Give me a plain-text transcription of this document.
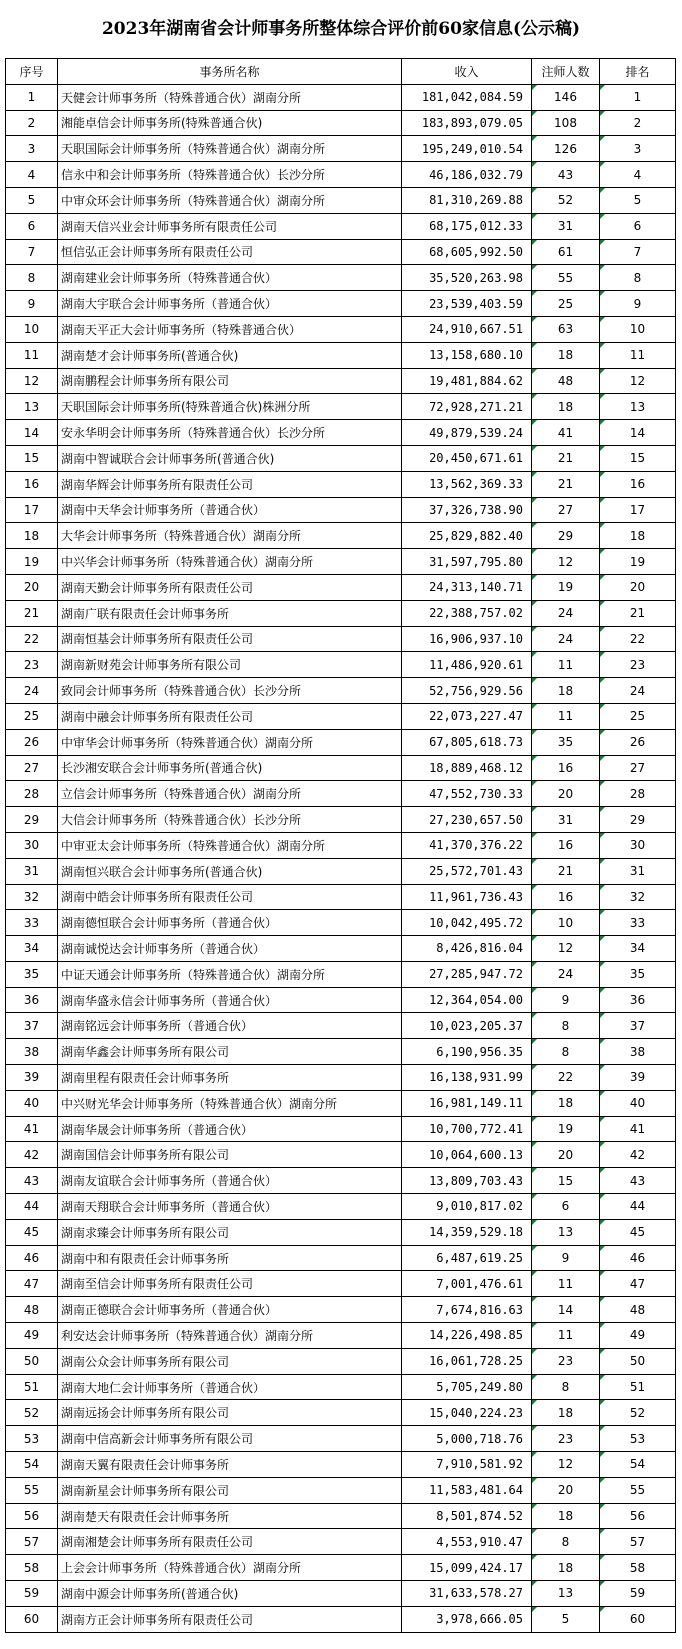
2023年湖南省会计师事务所整体综合评价前60家信息(公示稿)
序号	事务所名称	收入	注师人数	排名
1	天健会计师事务所（特殊普通合伙）湖南分所	181,042,084.59	146	1
2	湘能卓信会计师事务所(特殊普通合伙)	183,893,079.05	108	2
3	天职国际会计师事务所（特殊普通合伙）湖南分所	195,249,010.54	126	3
4	信永中和会计师事务所（特殊普通合伙）长沙分所	46,186,032.79	43	4
5	中审众环会计师事务所（特殊普通合伙）湖南分所	81,310,269.88	52	5
6	湖南天信兴业会计师事务所有限责任公司	68,175,012.33	31	6
7	恒信弘正会计师事务所有限责任公司	68,605,992.50	61	7
8	湖南建业会计师事务所（特殊普通合伙）	35,520,263.98	55	8
9	湖南大宇联合会计师事务所（普通合伙）	23,539,403.59	25	9
10	湖南天平正大会计师事务所（特殊普通合伙）	24,910,667.51	63	10
11	湖南楚才会计师事务所(普通合伙)	13,158,680.10	18	11
12	湖南鹏程会计师事务所有限公司	19,481,884.62	48	12
13	天职国际会计师事务所(特殊普通合伙)株洲分所	72,928,271.21	18	13
14	安永华明会计师事务所（特殊普通合伙）长沙分所	49,879,539.24	41	14
15	湖南中智诚联合会计师事务所(普通合伙)	20,450,671.61	21	15
16	湖南华辉会计师事务所有限责任公司	13,562,369.33	21	16
17	湖南中天华会计师事务所（普通合伙）	37,326,738.90	27	17
18	大华会计师事务所（特殊普通合伙）湖南分所	25,829,882.40	29	18
19	中兴华会计师事务所（特殊普通合伙）湖南分所	31,597,795.80	12	19
20	湖南天勤会计师事务所有限责任公司	24,313,140.71	19	20
21	湖南广联有限责任会计师事务所	22,388,757.02	24	21
22	湖南恒基会计师事务所有限责任公司	16,906,937.10	24	22
23	湖南新财苑会计师事务所有限公司	11,486,920.61	11	23
24	致同会计师事务所（特殊普通合伙）长沙分所	52,756,929.56	18	24
25	湖南中融会计师事务所有限责任公司	22,073,227.47	11	25
26	中审华会计师事务所（特殊普通合伙）湖南分所	67,805,618.73	35	26
27	长沙湘安联合会计师事务所(普通合伙)	18,889,468.12	16	27
28	立信会计师事务所（特殊普通合伙）湖南分所	47,552,730.33	20	28
29	大信会计师事务所（特殊普通合伙）长沙分所	27,230,657.50	31	29
30	中审亚太会计师事务所（特殊普通合伙）湖南分所	41,370,376.22	16	30
31	湖南恒兴联合会计师事务所(普通合伙)	25,572,701.43	21	31
32	湖南中皓会计师事务所有限责任公司	11,961,736.43	16	32
33	湖南德恒联合会计师事务所（普通合伙）	10,042,495.72	10	33
34	湖南诚悦达会计师事务所（普通合伙）	8,426,816.04	12	34
35	中证天通会计师事务所（特殊普通合伙）湖南分所	27,285,947.72	24	35
36	湖南华盛永信会计师事务所（普通合伙）	12,364,054.00	9	36
37	湖南铭远会计师事务所（普通合伙）	10,023,205.37	8	37
38	湖南华鑫会计师事务所有限公司	6,190,956.35	8	38
39	湖南里程有限责任会计师事务所	16,138,931.99	22	39
40	中兴财光华会计师事务所（特殊普通合伙）湖南分所	16,981,149.11	18	40
41	湖南华晟会计师事务所（普通合伙）	10,700,772.41	19	41
42	湖南国信会计师事务所有限公司	10,064,600.13	20	42
43	湖南友谊联合会计师事务所（普通合伙）	13,809,703.43	15	43
44	湖南天翔联合会计师事务所（普通合伙）	9,010,817.02	6	44
45	湖南求臻会计师事务所有限公司	14,359,529.18	13	45
46	湖南中和有限责任会计师事务所	6,487,619.25	9	46
47	湖南至信会计师事务所有限责任公司	7,001,476.61	11	47
48	湖南正德联合会计师事务所（普通合伙）	7,674,816.63	14	48
49	利安达会计师事务所（特殊普通合伙）湖南分所	14,226,498.85	11	49
50	湖南公众会计师事务所有限公司	16,061,728.25	23	50
51	湖南大地仁会计师事务所（普通合伙）	5,705,249.80	8	51
52	湖南远扬会计师事务所有限公司	15,040,224.23	18	52
53	湖南中信高新会计师事务所有限公司	5,000,718.76	23	53
54	湖南天翼有限责任会计师事务所	7,910,581.92	12	54
55	湖南新星会计师事务所有限公司	11,583,481.64	20	55
56	湖南楚天有限责任会计师事务所	8,501,874.52	18	56
57	湖南湘楚会计师事务所有限责任公司	4,553,910.47	8	57
58	上会会计师事务所（特殊普通合伙）湖南分所	15,099,424.17	18	58
59	湖南中源会计师事务所(普通合伙)	31,633,578.27	13	59
60	湖南方正会计师事务所有限责任公司	3,978,666.05	5	60
